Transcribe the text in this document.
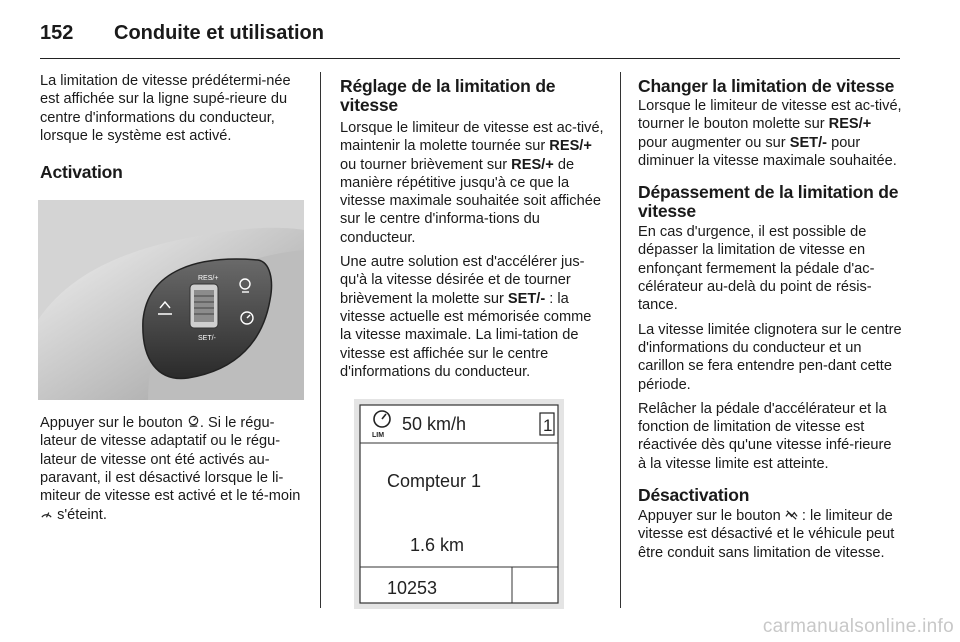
152	Conduite et utilisation

La limitation de vitesse prédétermi-née est affichée sur la ligne supé-rieure du centre d'informations du conducteur, lorsque le système est activé.

Activation
RES/+
SET/-

Appuyer sur le bouton . Si le régu-lateur de vitesse adaptatif ou le régu-lateur de vitesse ont été activés au-paravant, il est désactivé lorsque le li-miteur de vitesse est activé et le té-moin  s'éteint.

Réglage de la limitation de vitesse

Lorsque le limiteur de vitesse est ac-tivé, maintenir la molette tournée sur RES/+ ou tourner brièvement sur RES/+ de manière répétitive jusqu'à ce que la vitesse maximale souhaitée soit affichée sur le centre d'informa-tions du conducteur.

Une autre solution est d'accélérer jus-qu'à la vitesse désirée et de tourner brièvement la molette sur SET/- : la vitesse actuelle est mémorisée comme la vitesse maximale. La limi-tation de vitesse est affichée sur le centre d'informations du conducteur.

LIM
50 km/h	1
Compteur 1
1.6 km
10253
Changer la limitation de vitesse

Lorsque le limiteur de vitesse est ac-tivé, tourner le bouton molette sur RES/+ pour augmenter ou sur SET/- pour diminuer la vitesse maximale souhaitée.

Dépassement de la limitation de vitesse

En cas d'urgence, il est possible de dépasser la limitation de vitesse en enfonçant fermement la pédale d'ac-célérateur au-delà du point de résis-tance.

La vitesse limitée clignotera sur le centre d'informations du conducteur et un carillon se fera entendre pen-dant cette période.

Relâcher la pédale d'accélérateur et la fonction de limitation de vitesse est réactivée dès qu'une vitesse infé-rieure à la vitesse limite est atteinte.

Désactivation

Appuyer sur le bouton : le limiteur de vitesse est désactivé et le véhicule peut être conduit sans limitation de vitesse.

carmanualsonline.info
